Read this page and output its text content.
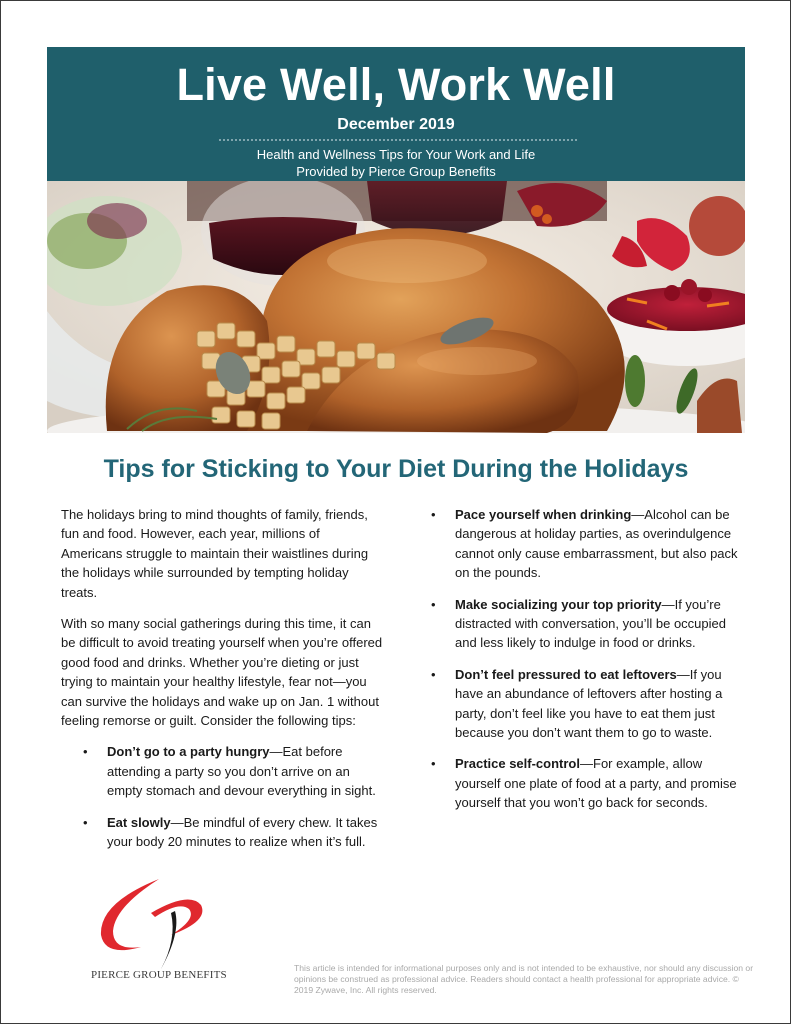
Live Well, Work Well
December 2019
Health and Wellness Tips for Your Work and Life
Provided by Pierce Group Benefits
Tips for Sticking to Your Diet During the Holidays

The holidays bring to mind thoughts of family, friends, fun and food. However, each year, millions of Americans struggle to maintain their waistlines during the holidays while surrounded by tempting holiday treats.

With so many social gatherings during this time, it can be difficult to avoid treating yourself when you’re offered good food and drinks. Whether you’re dieting or just trying to maintain your healthy lifestyle, fear not—you can survive the holidays and wake up on Jan. 1 without feeling remorse or guilt. Consider the following tips:

• Don’t go to a party hungry—Eat before attending a party so you don’t arrive on an empty stomach and devour everything in sight.
• Eat slowly—Be mindful of every chew. It takes your body 20 minutes to realize when it’s full.
• Pace yourself when drinking—Alcohol can be dangerous at holiday parties, as overindulgence cannot only cause embarrassment, but also pack on the pounds.
• Make socializing your top priority—If you’re distracted with conversation, you’ll be occupied and less likely to indulge in food or drinks.
• Don’t feel pressured to eat leftovers—If you have an abundance of leftovers after hosting a party, don’t feel like you have to eat them just because you don’t want them to go to waste.
• Practice self-control—For example, allow yourself one plate of food at a party, and promise yourself that you won’t go back for seconds.
PIERCE GROUP BENEFITS
This article is intended for informational purposes only and is not intended to be exhaustive, nor should any discussion or opinions be construed as professional advice. Readers should contact a health professional for appropriate advice. © 2019 Zywave, Inc. All rights reserved.
